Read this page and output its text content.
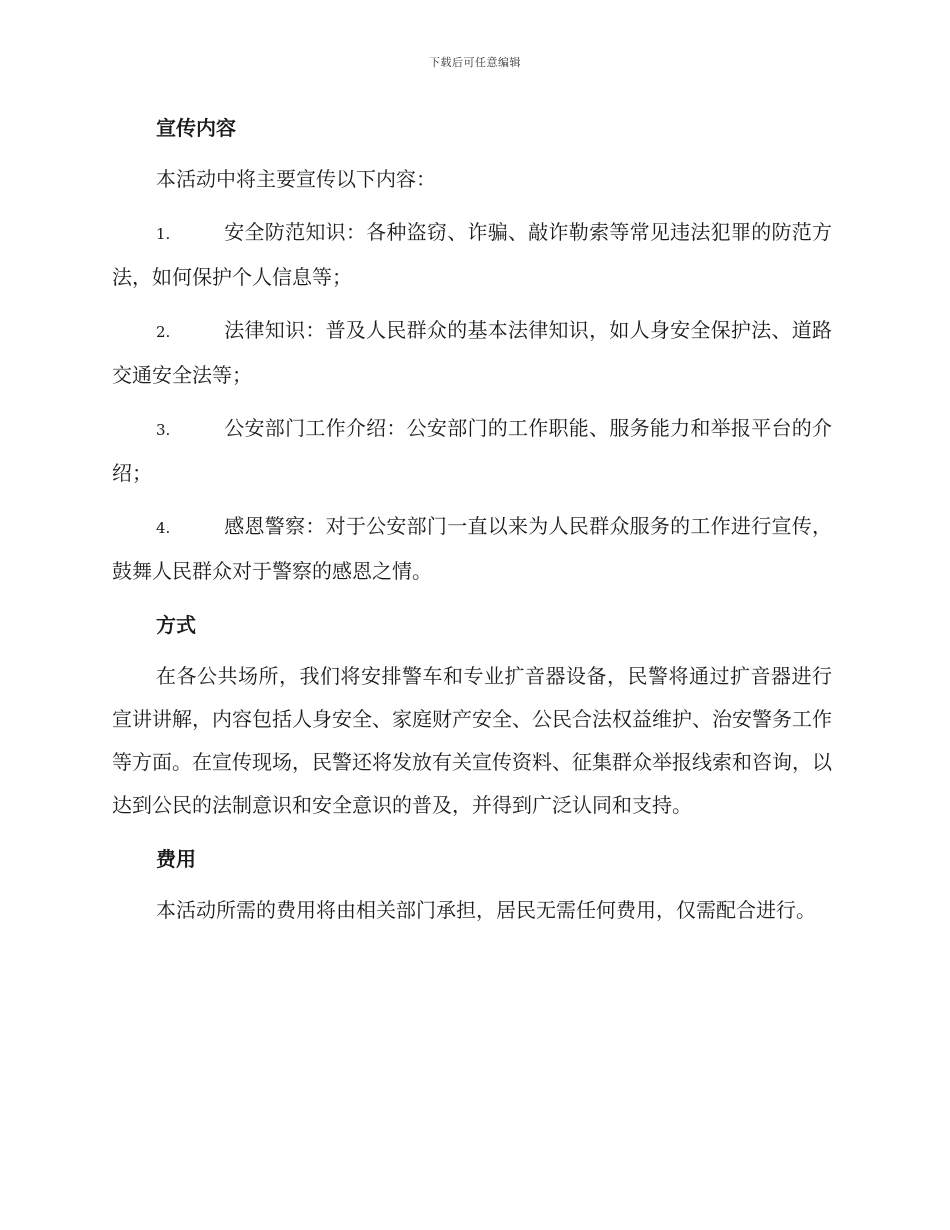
下载后可任意编辑
宣传内容

本活动中将主要宣传以下内容：

1.	安全防范知识：各种盗窃、诈骗、敲诈勒索等常见违法犯罪的防范方法，如何保护个人信息等；

2.	法律知识：普及人民群众的基本法律知识，如人身安全保护法、道路交通安全法等；

3.	公安部门工作介绍：公安部门的工作职能、服务能力和举报平台的介绍；

4.	感恩警察：对于公安部门一直以来为人民群众服务的工作进行宣传，鼓舞人民群众对于警察的感恩之情。

方式

在各公共场所，我们将安排警车和专业扩音器设备，民警将通过扩音器进行宣讲讲解，内容包括人身安全、家庭财产安全、公民合法权益维护、治安警务工作等方面。在宣传现场，民警还将发放有关宣传资料、征集群众举报线索和咨询，以达到公民的法制意识和安全意识的普及，并得到广泛认同和支持。

费用

本活动所需的费用将由相关部门承担，居民无需任何费用，仅需配合进行。
